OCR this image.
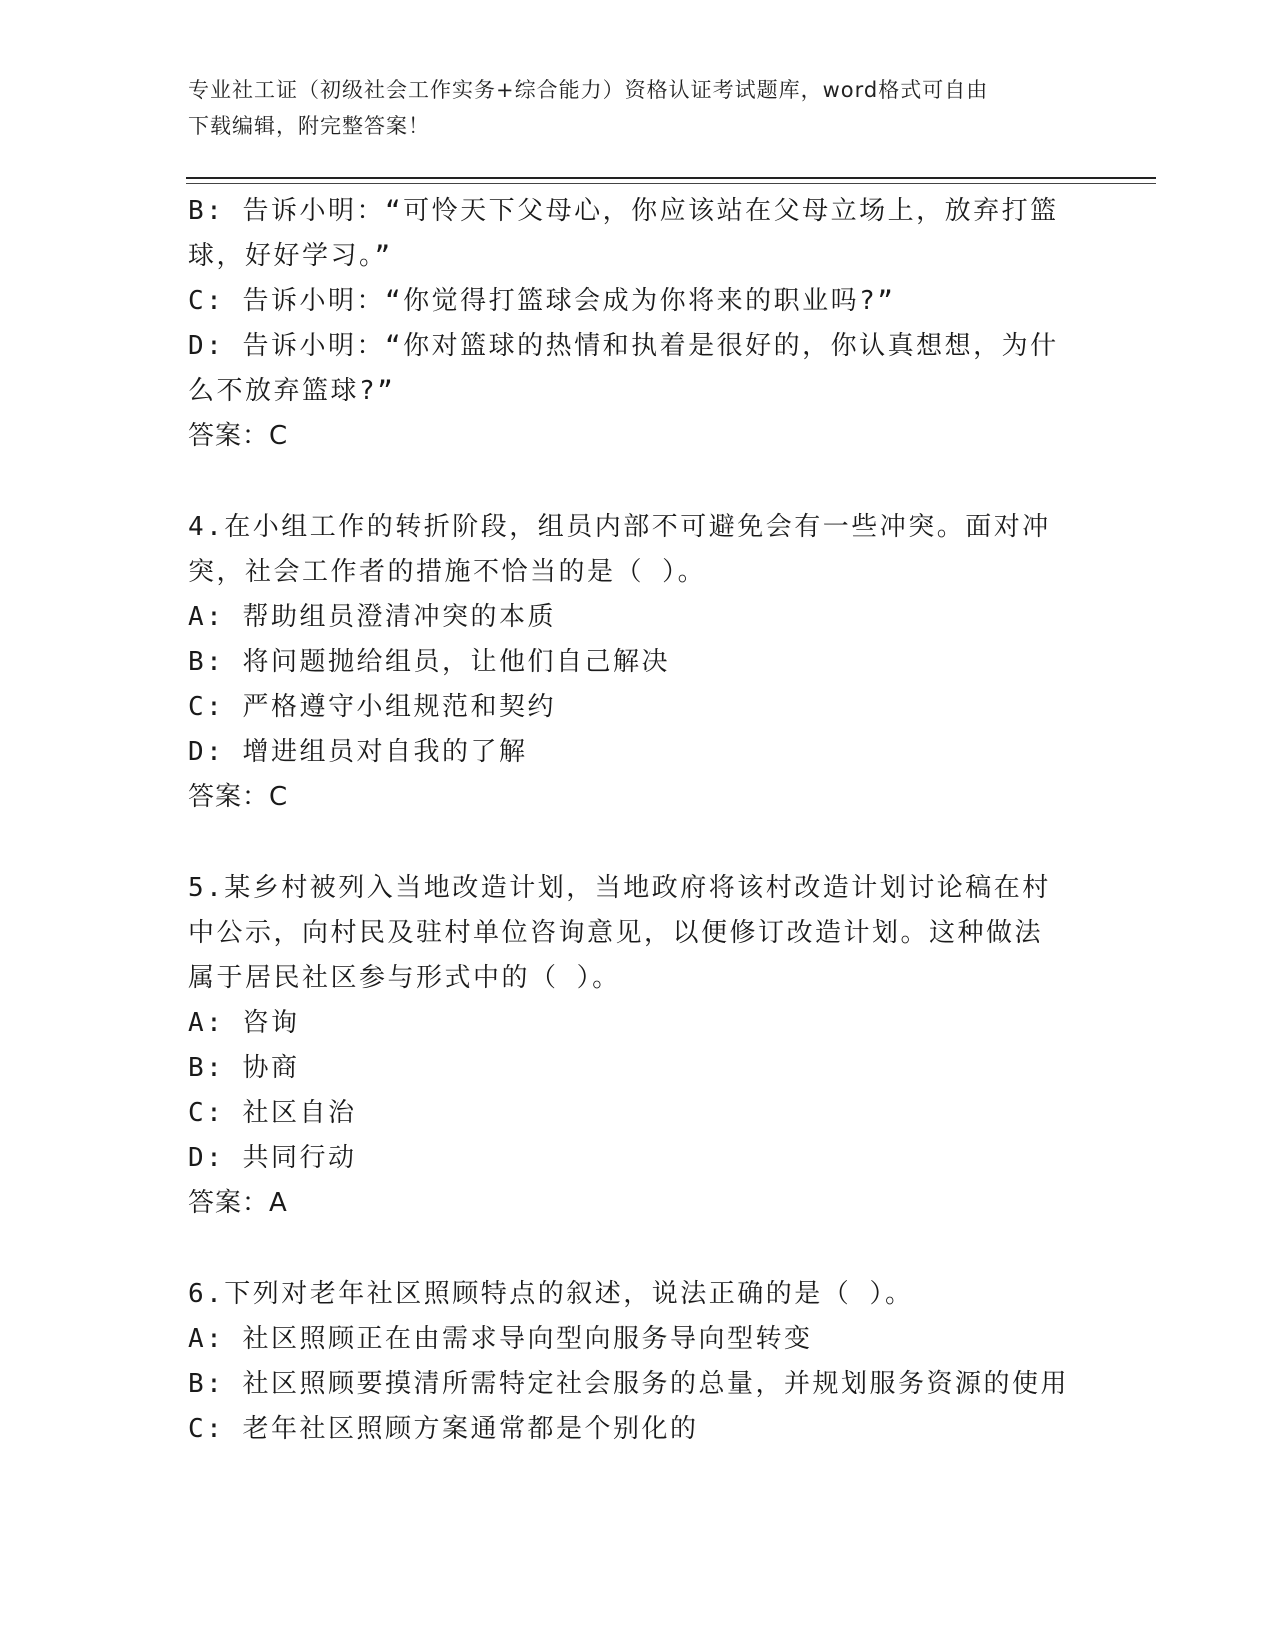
专业社工证（初级社会工作实务+综合能力）资格认证考试题库，word格式可自由
下载编辑，附完整答案！
B: 告诉小明：“可怜天下父母心，你应该站在父母立场上，放弃打篮
球，好好学习。”
C: 告诉小明：“你觉得打篮球会成为你将来的职业吗?”
D: 告诉小明：“你对篮球的热情和执着是很好的，你认真想想，为什
么不放弃篮球?”
答案：C
4.在小组工作的转折阶段，组员内部不可避免会有一些冲突。面对冲
突，社会工作者的措施不恰当的是（ ）。
A: 帮助组员澄清冲突的本质
B: 将问题抛给组员，让他们自己解决
C: 严格遵守小组规范和契约
D: 增进组员对自我的了解
答案：C
5.某乡村被列入当地改造计划，当地政府将该村改造计划讨论稿在村
中公示，向村民及驻村单位咨询意见，以便修订改造计划。这种做法
属于居民社区参与形式中的（ ）。
A: 咨询
B: 协商
C: 社区自治
D: 共同行动
答案：A
6.下列对老年社区照顾特点的叙述，说法正确的是（ ）。
A: 社区照顾正在由需求导向型向服务导向型转变
B: 社区照顾要摸清所需特定社会服务的总量，并规划服务资源的使用
C: 老年社区照顾方案通常都是个别化的
